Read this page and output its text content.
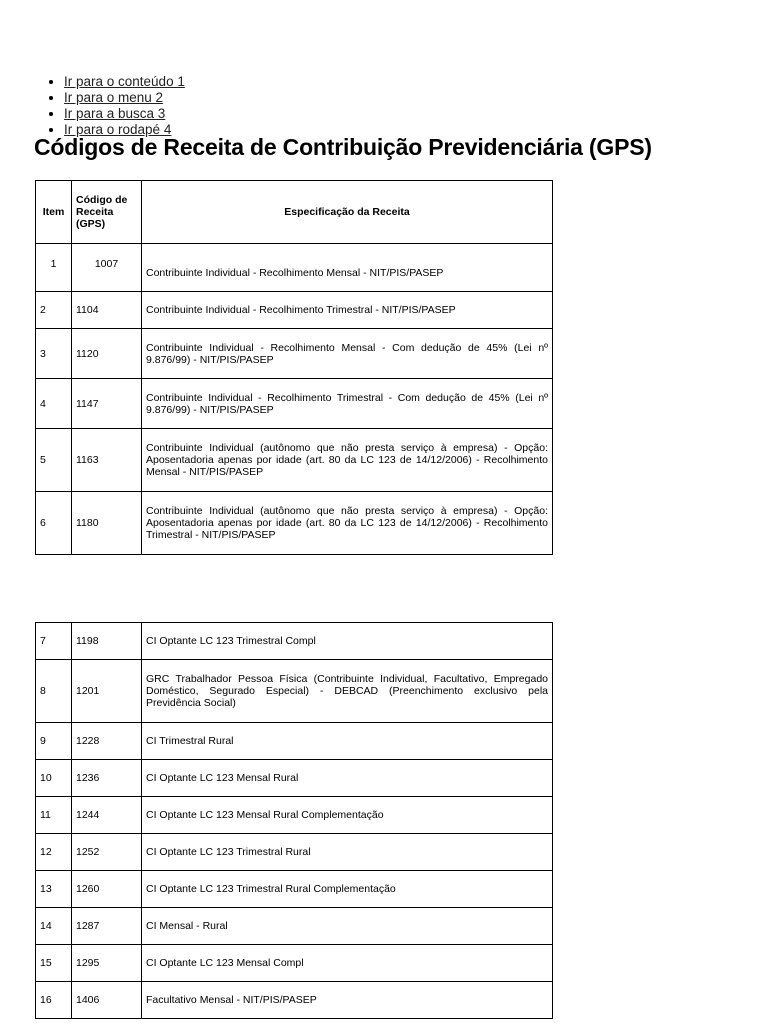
• Ir para o conteúdo 1
• Ir para o menu 2
• Ir para a busca 3
• Ir para o rodapé 4
Códigos de Receita de Contribuição Previdenciária (GPS)
Item	Código de Receita (GPS)	Especificação da Receita
1	1007	Contribuinte Individual - Recolhimento Mensal - NIT/PIS/PASEP
2	1104	Contribuinte Individual - Recolhimento Trimestral - NIT/PIS/PASEP
3	1120	Contribuinte Individual - Recolhimento Mensal - Com dedução de 45% (Lei nº 9.876/99) - NIT/PIS/PASEP
4	1147	Contribuinte Individual - Recolhimento Trimestral - Com dedução de 45% (Lei nº 9.876/99) - NIT/PIS/PASEP
5	1163	Contribuinte Individual (autônomo que não presta serviço à empresa) - Opção: Aposentadoria apenas por idade (art. 80 da LC 123 de 14/12/2006) - Recolhimento Mensal - NIT/PIS/PASEP
6	1180	Contribuinte Individual (autônomo que não presta serviço à empresa) - Opção: Aposentadoria apenas por idade (art. 80 da LC 123 de 14/12/2006) - Recolhimento Trimestral - NIT/PIS/PASEP
7	1198	CI Optante LC 123 Trimestral Compl
8	1201	GRC Trabalhador Pessoa Física (Contribuinte Individual, Facultativo, Empregado Doméstico, Segurado Especial) - DEBCAD (Preenchimento exclusivo pela Previdência Social)
9	1228	CI Trimestral Rural
10	1236	CI Optante LC 123 Mensal Rural
11	1244	CI Optante LC 123 Mensal Rural Complementação
12	1252	CI Optante LC 123 Trimestral Rural
13	1260	CI Optante LC 123 Trimestral Rural Complementação
14	1287	CI Mensal - Rural
15	1295	CI Optante LC 123 Mensal Compl
16	1406	Facultativo Mensal - NIT/PIS/PASEP
